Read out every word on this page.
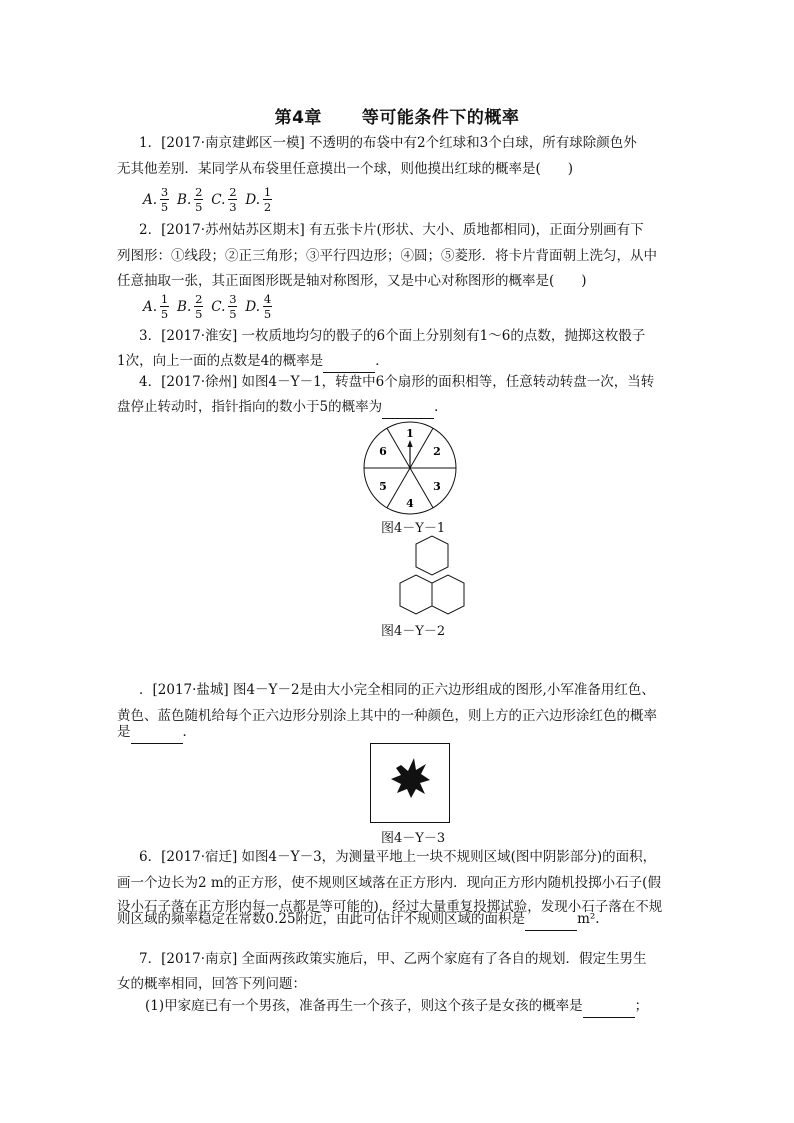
第4章 等可能条件下的概率
1．[2017·南京建邺区一模] 不透明的布袋中有2个红球和3个白球，所有球除颜色外
无其他差别．某同学从布袋里任意摸出一个球，则他摸出红球的概率是(　　)
A. $\frac{3}{5} B$. $\frac{2}{5} C$. $\frac{2}{3} D$. $\frac{1}{2}$
2．[2017·苏州姑苏区期末] 有五张卡片(形状、大小、质地都相同)，正面分别画有下
列图形：①线段；②正三角形；③平行四边形；④圆；⑤菱形．将卡片背面朝上洗匀，从中
任意抽取一张，其正面图形既是轴对称图形，又是中心对称图形的概率是(　　)
A. $\frac{1}{5} B$. $\frac{2}{5} C$. $\frac{3}{5} D$. $\frac{4}{5}$
3．[2017·淮安] 一枚质地均匀的骰子的6个面上分别刻有1～6的点数，抛掷这枚骰子
1次，向上一面的点数是4的概率是	．
4．[2017·徐州] 如图4－Y－1，转盘中6个扇形的面积相等，任意转动转盘一次，当转
盘停止转动时，指针指向的数小于5的概率为	．
1
2
3
4
5
6
图4－Y－1
图4－Y－2
．[2017·盐城] 图4－Y－2是由大小完全相同的正六边形组成的图形,小军准备用红色、
黄色、蓝色随机给每个正六边形分别涂上其中的一种颜色，则上方的正六边形涂红色的概率
是	．
图4－Y－3
6．[2017·宿迁] 如图4－Y－3，为测量平地上一块不规则区域(图中阴影部分)的面积，
画一个边长为2 m的正方形，使不规则区域落在正方形内．现向正方形内随机投掷小石子(假
设小石子落在正方形内每一点都是等可能的)．经过大量重复投掷试验，发现小石子落在不规
则区域的频率稳定在常数0.25附近，由此可估计不规则区域的面积是	m².
7．[2017·南京] 全面两孩政策实施后，甲、乙两个家庭有了各自的规划．假定生男生
女的概率相同，回答下列问题：
(1)甲家庭已有一个男孩，准备再生一个孩子，则这个孩子是女孩的概率是	；
